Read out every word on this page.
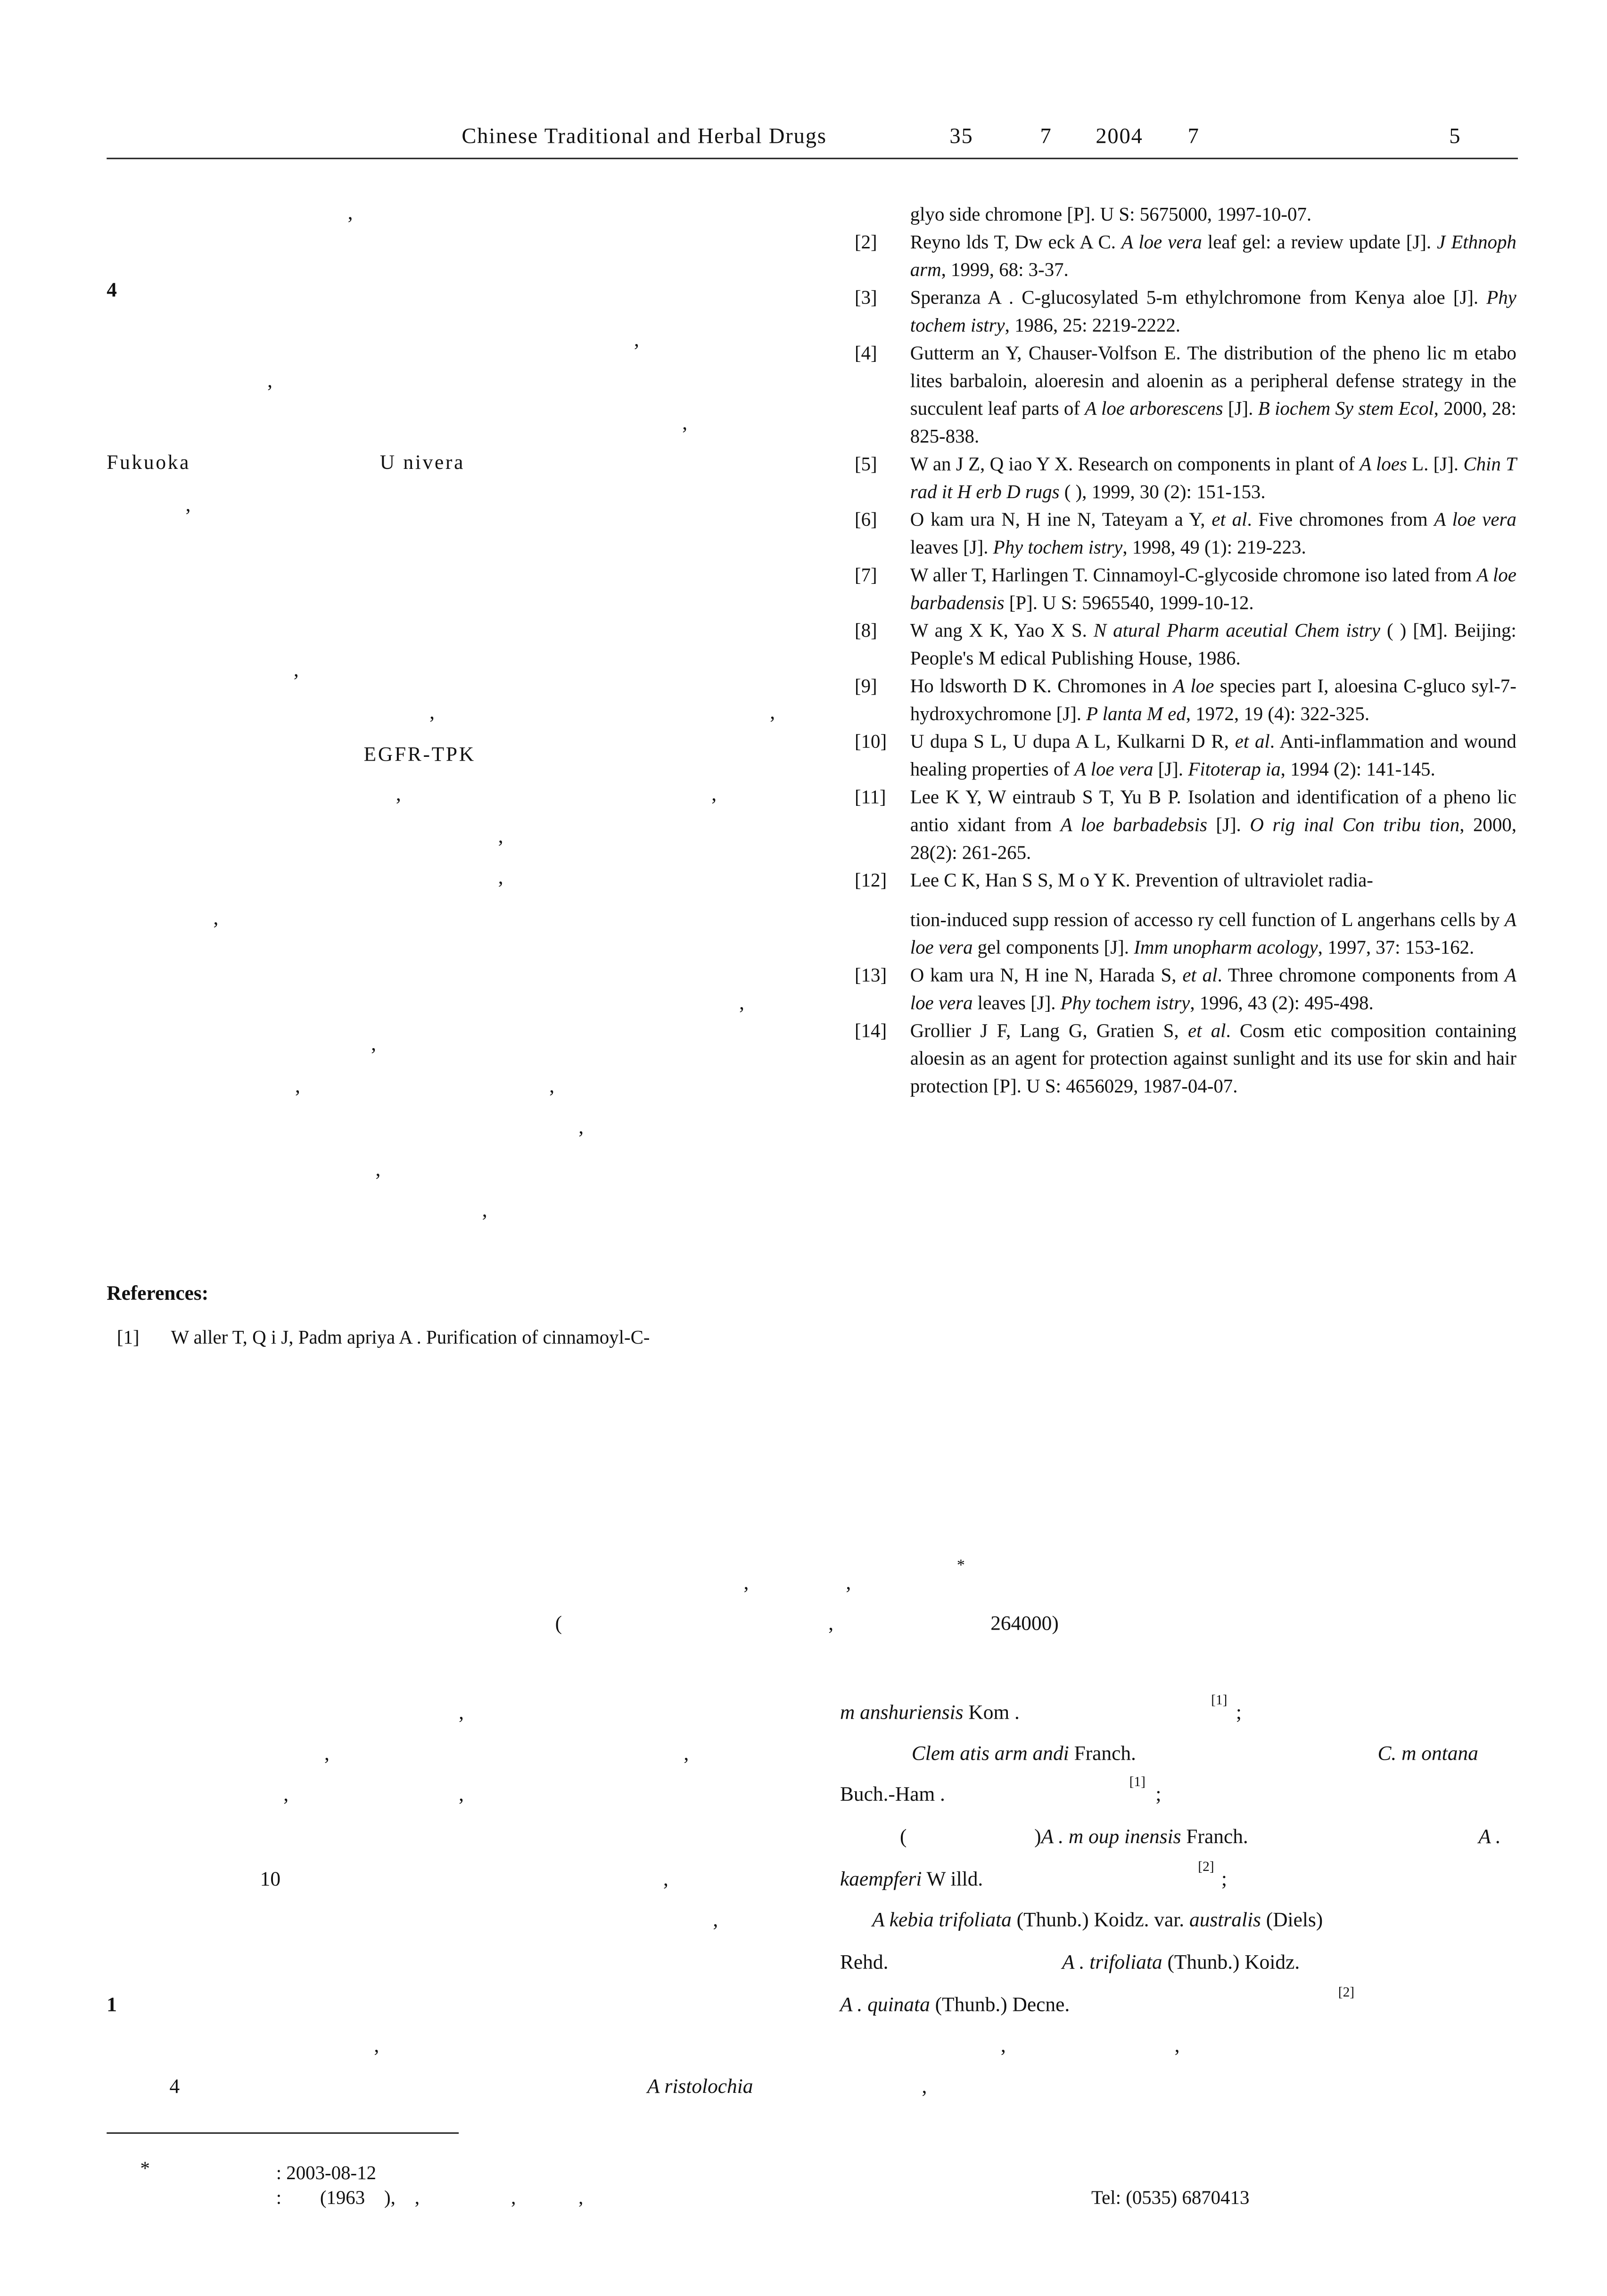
Chinese Traditional and Herbal Drugs	35	7	2004	7	5
,
4
,
,
,
Fukuoka	U nivera
,
,
,	,
EGFR-TPK
,	,
,
,
,
,
,
,	,
,
,
,
References:
[1]	W aller T, Q i J, Padm apriya A . Purification of cinnamoyl-C-
glyo side chromone [P]. U S: 5675000, 1997-10-07.
[2]	Reyno lds T, Dw eck A C. A loe vera leaf gel: a review update [J]. J Ethnoph arm, 1999, 68: 3-37.
[3]	Speranza A . C-glucosylated 5-m ethylchromone from Kenya aloe [J]. Phy tochem istry, 1986, 25: 2219-2222.
[4]	Gutterm an Y, Chauser-Volfson E. The distribution of the pheno lic m etabo lites barbaloin, aloeresin and aloenin as a peripheral defense strategy in the succulent leaf parts of A loe arborescens [J]. B iochem Sy stem Ecol, 2000, 28: 825-838.
[5]	W an J Z, Q iao Y X. Research on components in plant of A loes L. [J]. Chin T rad it H erb D rugs ( ), 1999, 30 (2): 151-153.
[6]	O kam ura N, H ine N, Tateyam a Y, et al. Five chromones from A loe vera leaves [J]. Phy tochem istry, 1998, 49 (1): 219-223.
[7]	W aller T, Harlingen T. Cinnamoyl-C-glycoside chromone iso lated from A loe barbadensis [P]. U S: 5965540, 1999-10-12.
[8]	W ang X K, Yao X S. N atural Pharm aceutial Chem istry ( ) [M]. Beijing: People's M edical Publishing House, 1986.
[9]	Ho ldsworth D K. Chromones in A loe species part I, aloesina C-gluco syl-7-hydroxychromone [J]. P lanta M ed, 1972, 19 (4): 322-325.
[10]	U dupa S L, U dupa A L, Kulkarni D R, et al. Anti-inflammation and wound healing properties of A loe vera [J]. Fitoterap ia, 1994 (2): 141-145.
[11]	Lee K Y, W eintraub S T, Yu B P. Isolation and identification of a pheno lic antio xidant from A loe barbadebsis [J]. O rig inal Con tribu tion, 2000, 28(2): 261-265.
[12]	Lee C K, Han S S, M o Y K. Prevention of ultraviolet radia-
tion-induced supp ression of accesso ry cell function of L angerhans cells by A loe vera gel components [J]. Imm unopharm acology, 1997, 37: 153-162.
[13]	O kam ura N, H ine N, Harada S, et al. Three chromone components from A loe vera leaves [J]. Phy tochem istry, 1996, 43 (2): 495-498.
[14]	Grollier J F, Lang G, Gratien S, et al. Cosm etic composition containing aloesin as an agent for protection against sunlight and its use for skin and hair protection [P]. U S: 4656029, 1987-04-07.
*
,	,
(	,	264000)
,
,	,
,	,
10	,
,
1
,
4	A ristolochia	,
m anshuriensis Kom .
[1]
;
Clem atis arm andi Franch.	C. m ontana
Buch.-Ham .
[1]
;
(	)A . m oup inensis Franch.	A .
kaempferi W illd.
[2]
;
A kebia trifoliata (Thunb.) Koidz. var. australis (Diels)
Rehd.	A . trifoliata (Thunb.) Koidz.
A . quinata (Thunb.) Decne.
[2]
,	,
*	: 2003-08-12
:        (1963    ),    ,                   ,             ,	Tel: (0535) 6870413
